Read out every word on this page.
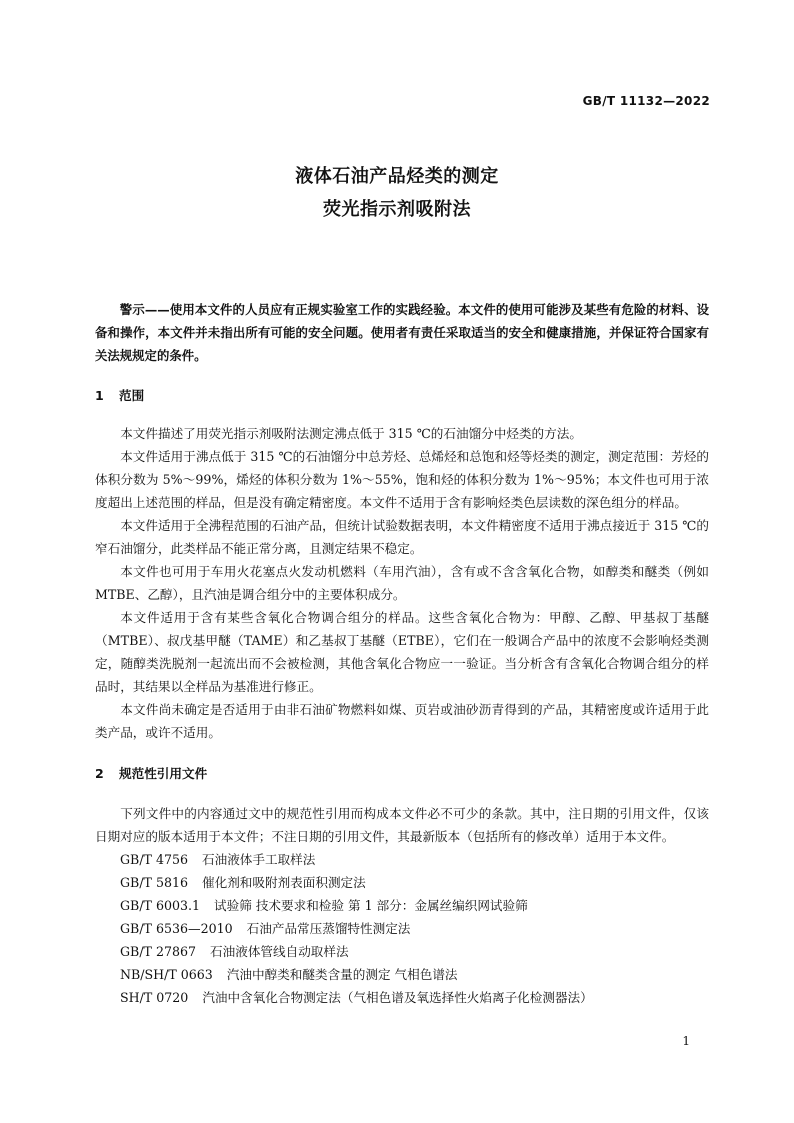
GB/T 11132—2022
液体石油产品烃类的测定
荧光指示剂吸附法

警示——使用本文件的人员应有正规实验室工作的实践经验。本文件的使用可能涉及某些有危险的材料、设备和操作，本文件并未指出所有可能的安全问题。使用者有责任采取适当的安全和健康措施，并保证符合国家有关法规规定的条件。

1 范围

本文件描述了用荧光指示剂吸附法测定沸点低于 315 ℃的石油馏分中烃类的方法。

本文件适用于沸点低于 315 ℃的石油馏分中总芳烃、总烯烃和总饱和烃等烃类的测定，测定范围：芳烃的体积分数为 5%～99%，烯烃的体积分数为 1%～55%，饱和烃的体积分数为 1%～95%；本文件也可用于浓度超出上述范围的样品，但是没有确定精密度。本文件不适用于含有影响烃类色层读数的深色组分的样品。

本文件适用于全沸程范围的石油产品，但统计试验数据表明，本文件精密度不适用于沸点接近于 315 ℃的窄石油馏分，此类样品不能正常分离，且测定结果不稳定。

本文件也可用于车用火花塞点火发动机燃料（车用汽油），含有或不含含氧化合物，如醇类和醚类（例如 MTBE、乙醇），且汽油是调合组分中的主要体积成分。

本文件适用于含有某些含氧化合物调合组分的样品。这些含氧化合物为：甲醇、乙醇、甲基叔丁基醚（MTBE）、叔戊基甲醚（TAME）和乙基叔丁基醚（ETBE），它们在一般调合产品中的浓度不会影响烃类测定，随醇类洗脱剂一起流出而不会被检测，其他含氧化合物应一一验证。当分析含有含氧化合物调合组分的样品时，其结果以全样品为基准进行修正。

本文件尚未确定是否适用于由非石油矿物燃料如煤、页岩或油砂沥青得到的产品，其精密度或许适用于此类产品，或许不适用。

2 规范性引用文件

下列文件中的内容通过文中的规范性引用而构成本文件必不可少的条款。其中，注日期的引用文件，仅该日期对应的版本适用于本文件；不注日期的引用文件，其最新版本（包括所有的修改单）适用于本文件。

GB/T 4756 石油液体手工取样法
GB/T 5816 催化剂和吸附剂表面积测定法
GB/T 6003.1 试验筛 技术要求和检验 第 1 部分：金属丝编织网试验筛
GB/T 6536—2010 石油产品常压蒸馏特性测定法
GB/T 27867 石油液体管线自动取样法
NB/SH/T 0663 汽油中醇类和醚类含量的测定 气相色谱法
SH/T 0720 汽油中含氧化合物测定法（气相色谱及氧选择性火焰离子化检测器法）
1
